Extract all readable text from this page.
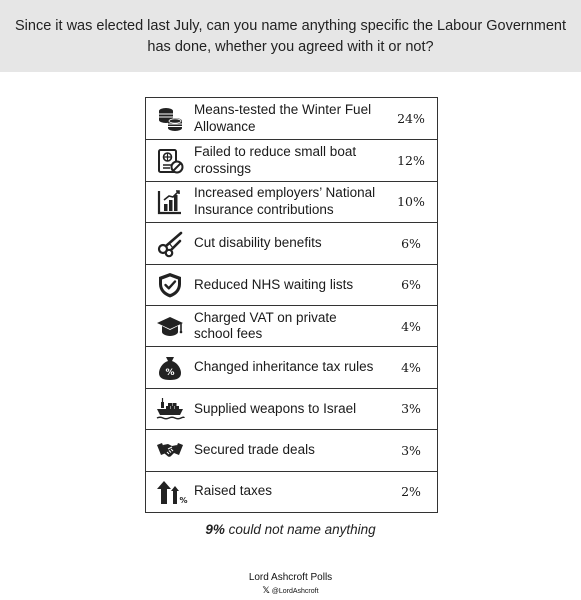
Since it was elected last July, can you name anything specific the Labour Government has done, whether you agreed with it or not?
Means-tested the Winter Fuel Allowance	24%
Failed to reduce small boat crossings	12%
Increased employers’ National Insurance contributions	10%
Cut disability benefits	6%
Reduced NHS waiting lists	6%
Charged VAT on private school fees	4%
% Changed inheritance tax rules	4%
Supplied weapons to Israel	3%
Secured trade deals	3%
%
Raised taxes	2%
9% could not name anything
Lord Ashcroft Polls
𝕏 @LordAshcroft
